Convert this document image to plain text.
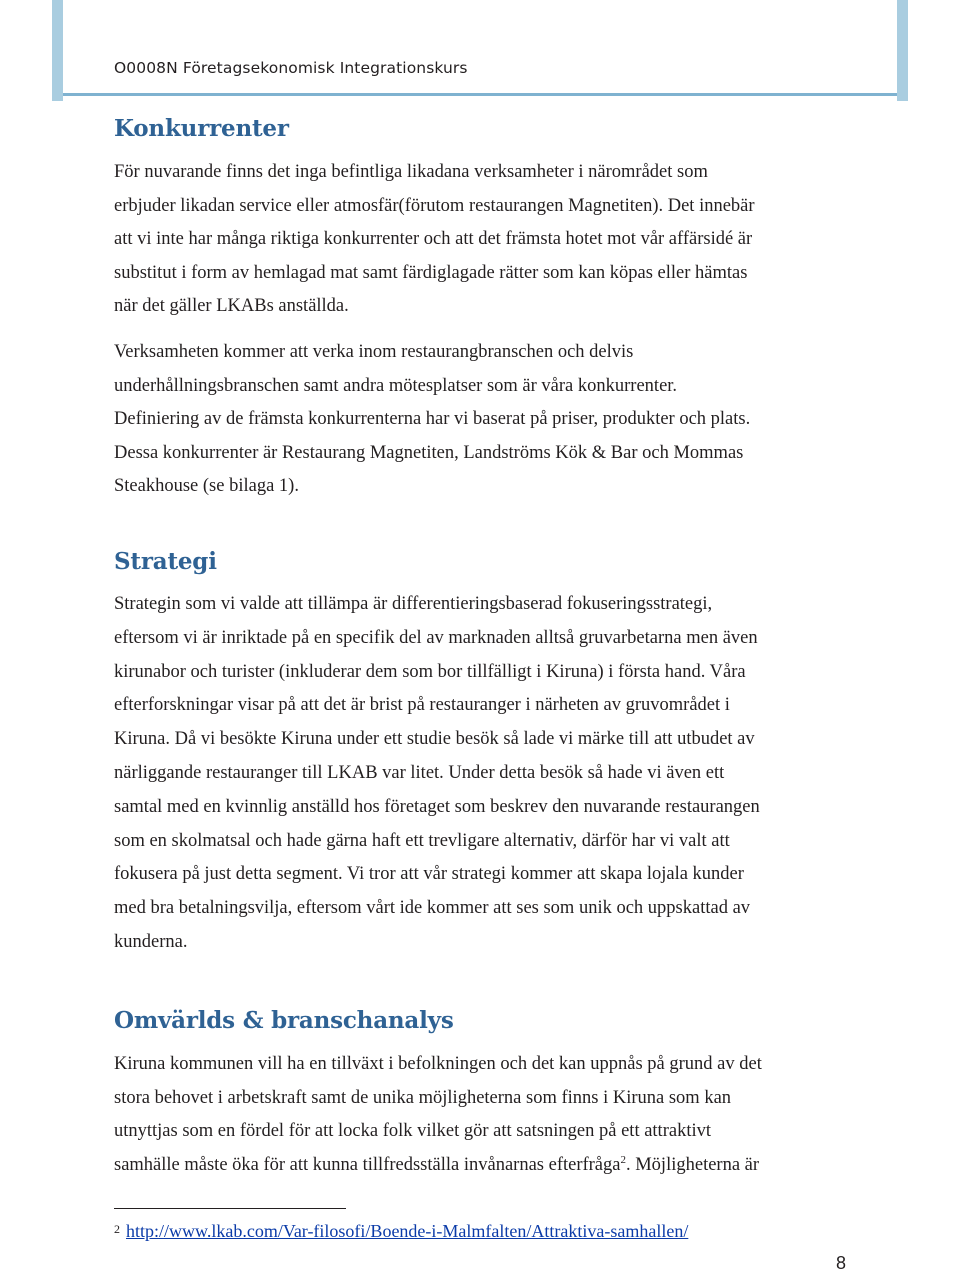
O0008N Företagsekonomisk Integrationskurs
Konkurrenter
För nuvarande finns det inga befintliga likadana verksamheter i närområdet som
erbjuder likadan service eller atmosfär(förutom restaurangen Magnetiten). Det innebär
att vi inte har många riktiga konkurrenter och att det främsta hotet mot vår affärsidé är
substitut i form av hemlagad mat samt färdiglagade rätter som kan köpas eller hämtas
när det gäller LKABs anställda.
Verksamheten kommer att verka inom restaurangbranschen och delvis
underhållningsbranschen samt andra mötesplatser som är våra konkurrenter.
Definiering av de främsta konkurrenterna har vi baserat på priser, produkter och plats.
Dessa konkurrenter är Restaurang Magnetiten, Landströms Kök & Bar och Mommas
Steakhouse (se bilaga 1).
Strategi
Strategin som vi valde att tillämpa är differentieringsbaserad fokuseringsstrategi,
eftersom vi är inriktade på en specifik del av marknaden alltså gruvarbetarna men även
kirunabor och turister (inkluderar dem som bor tillfälligt i Kiruna) i första hand. Våra
efterforskningar visar på att det är brist på restauranger i närheten av gruvområdet i
Kiruna. Då vi besökte Kiruna under ett studie besök så lade vi märke till att utbudet av
närliggande restauranger till LKAB var litet. Under detta besök så hade vi även ett
samtal med en kvinnlig anställd hos företaget som beskrev den nuvarande restaurangen
som en skolmatsal och hade gärna haft ett trevligare alternativ, därför har vi valt att
fokusera på just detta segment. Vi tror att vår strategi kommer att skapa lojala kunder
med bra betalningsvilja, eftersom vårt ide kommer att ses som unik och uppskattad av
kunderna.
Omvärlds & branschanalys
Kiruna kommunen vill ha en tillväxt i befolkningen och det kan uppnås på grund av det
stora behovet i arbetskraft samt de unika möjligheterna som finns i Kiruna som kan
utnyttjas som en fördel för att locka folk vilket gör att satsningen på ett attraktivt
samhälle måste öka för att kunna tillfredsställa invånarnas efterfråga$^2$. Möjligheterna är
$^2$ http://www.lkab.com/Var-filosofi/Boende-i-Malmfalten/Attraktiva-samhallen/
8
